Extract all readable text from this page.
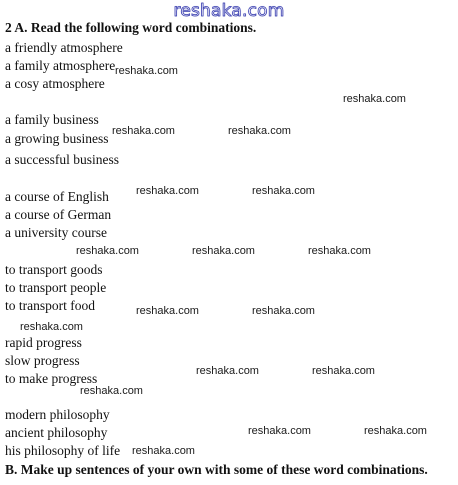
reshaka.com
2 A. Read the following word combinations.
a friendly atmosphere
a family atmosphere
a cosy atmosphere
a family business
a growing business
a successful business
a course of English
a course of German
a university course
to transport goods
to transport people
to transport food
rapid progress
slow progress
to make progress
modern philosophy
ancient philosophy
his philosophy of life
B. Make up sentences of your own with some of these word combinations.
reshaka.com
reshaka.com
reshaka.com	reshaka.com
reshaka.com	reshaka.com
reshaka.com	reshaka.com	reshaka.com
reshaka.com	reshaka.com
reshaka.com
reshaka.com	reshaka.com
reshaka.com
reshaka.com	reshaka.com
reshaka.com
